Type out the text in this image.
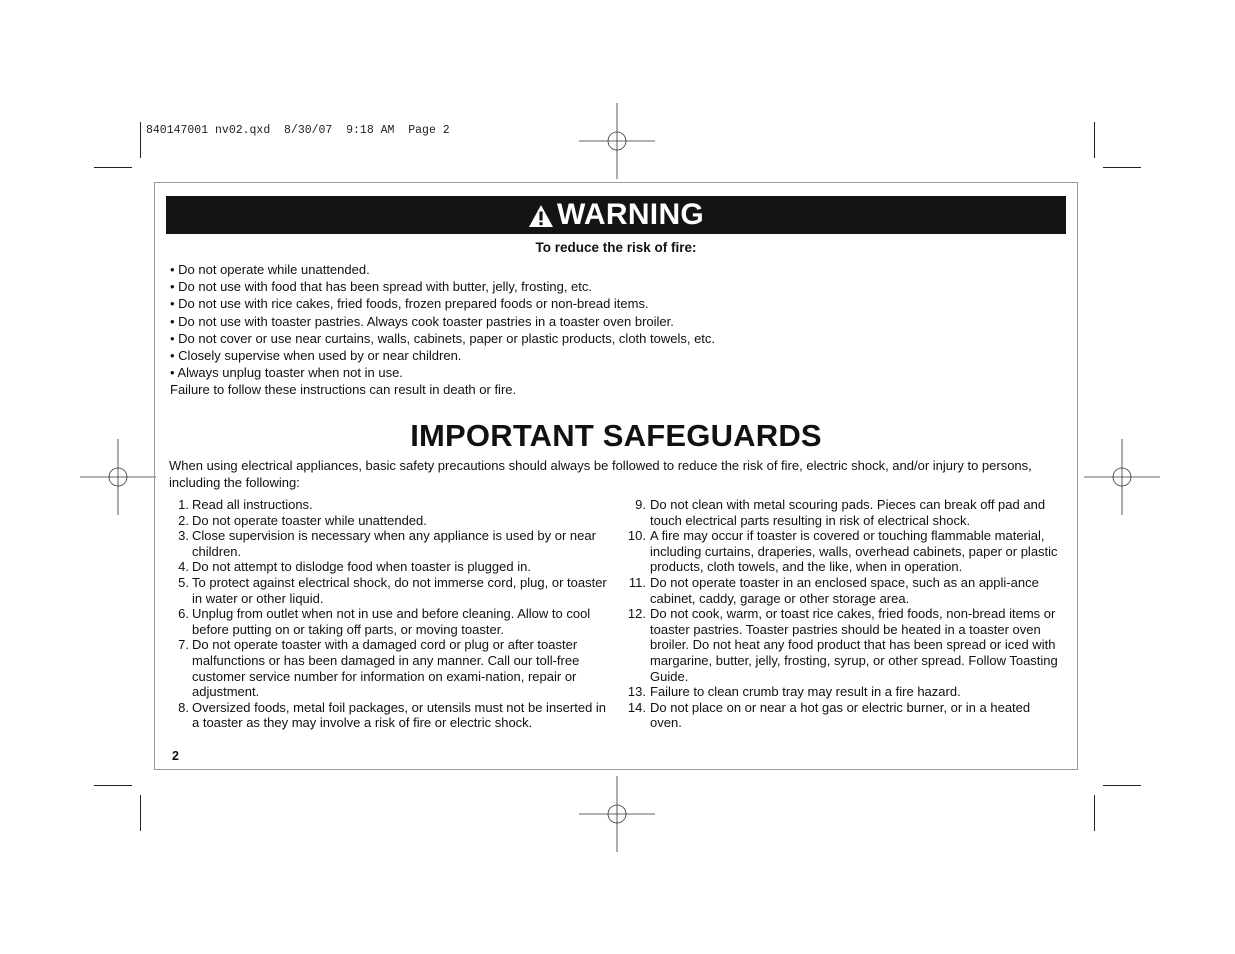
840147001 nv02.qxd  8/30/07  9:18 AM  Page 2
WARNING
To reduce the risk of fire:
• Do not operate while unattended.
• Do not use with food that has been spread with butter, jelly, frosting, etc.
• Do not use with rice cakes, fried foods, frozen prepared foods or non-bread items.
• Do not use with toaster pastries. Always cook toaster pastries in a toaster oven broiler.
• Do not cover or use near curtains, walls, cabinets, paper or plastic products, cloth towels, etc.
• Closely supervise when used by or near children.
• Always unplug toaster when not in use.
Failure to follow these instructions can result in death or fire.
IMPORTANT SAFEGUARDS
When using electrical appliances, basic safety precautions should always be followed to reduce the risk of fire, electric shock, and/or injury to persons, including the following:
1. Read all instructions.
2. Do not operate toaster while unattended.
3. Close supervision is necessary when any appliance is used by or near children.
4. Do not attempt to dislodge food when toaster is plugged in.
5. To protect against electrical shock, do not immerse cord, plug, or toaster in water or other liquid.
6. Unplug from outlet when not in use and before cleaning. Allow to cool before putting on or taking off parts, or moving toaster.
7. Do not operate toaster with a damaged cord or plug or after toaster malfunctions or has been damaged in any manner. Call our toll-free customer service number for information on exami-nation, repair or adjustment.
8. Oversized foods, metal foil packages, or utensils must not be inserted in a toaster as they may involve a risk of fire or electric shock.
9. Do not clean with metal scouring pads. Pieces can break off pad and touch electrical parts resulting in risk of electrical shock.
10. A fire may occur if toaster is covered or touching flammable material, including curtains, draperies, walls, overhead cabinets, paper or plastic products, cloth towels, and the like, when in operation.
11. Do not operate toaster in an enclosed space, such as an appli-ance cabinet, caddy, garage or other storage area.
12. Do not cook, warm, or toast rice cakes, fried foods, non-bread items or toaster pastries. Toaster pastries should be heated in a toaster oven broiler. Do not heat any food product that has been spread or iced with margarine, butter, jelly, frosting, syrup, or other spread. Follow Toasting Guide.
13. Failure to clean crumb tray may result in a fire hazard.
14. Do not place on or near a hot gas or electric burner, or in a heated oven.
2
